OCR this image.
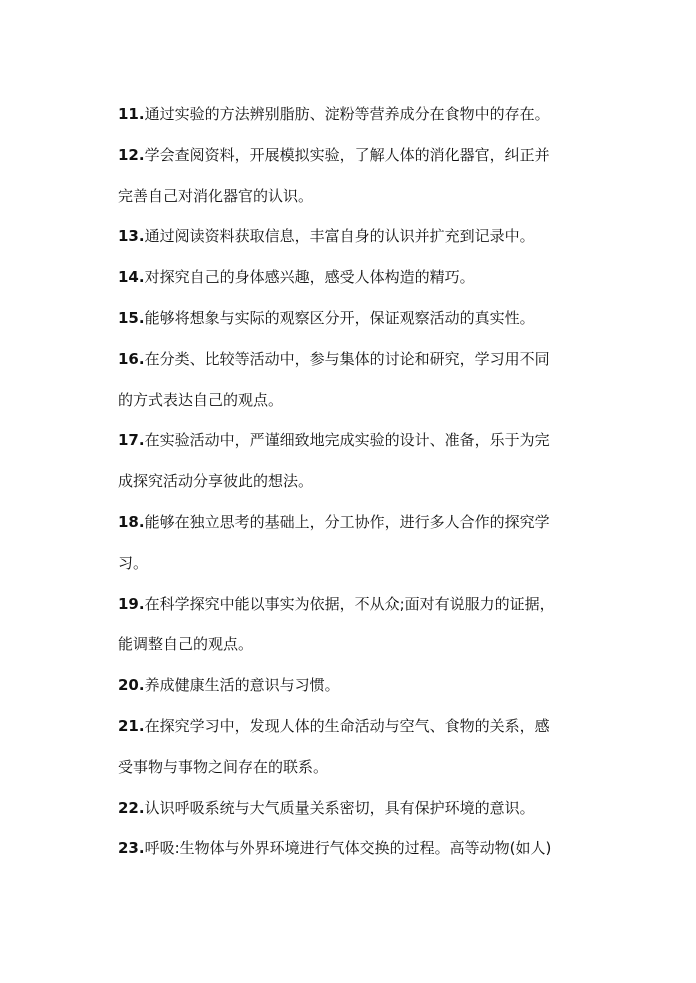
11.通过实验的方法辨别脂肪、淀粉等营养成分在食物中的存在。
12.学会查阅资料，开展模拟实验，了解人体的消化器官，纠正并
完善自己对消化器官的认识。
13.通过阅读资料获取信息，丰富自身的认识并扩充到记录中。
14.对探究自己的身体感兴趣，感受人体构造的精巧。
15.能够将想象与实际的观察区分开，保证观察活动的真实性。
16.在分类、比较等活动中，参与集体的讨论和研究，学习用不同
的方式表达自己的观点。
17.在实验活动中，严谨细致地完成实验的设计、准备，乐于为完
成探究活动分享彼此的想法。
18.能够在独立思考的基础上，分工协作，进行多人合作的探究学
习。
19.在科学探究中能以事实为依据，不从众;面对有说服力的证据，
能调整自己的观点。
20.养成健康生活的意识与习惯。
21.在探究学习中，发现人体的生命活动与空气、食物的关系，感
受事物与事物之间存在的联系。
22.认识呼吸系统与大气质量关系密切，具有保护环境的意识。
23.呼吸:生物体与外界环境进行气体交换的过程。高等动物(如人)
